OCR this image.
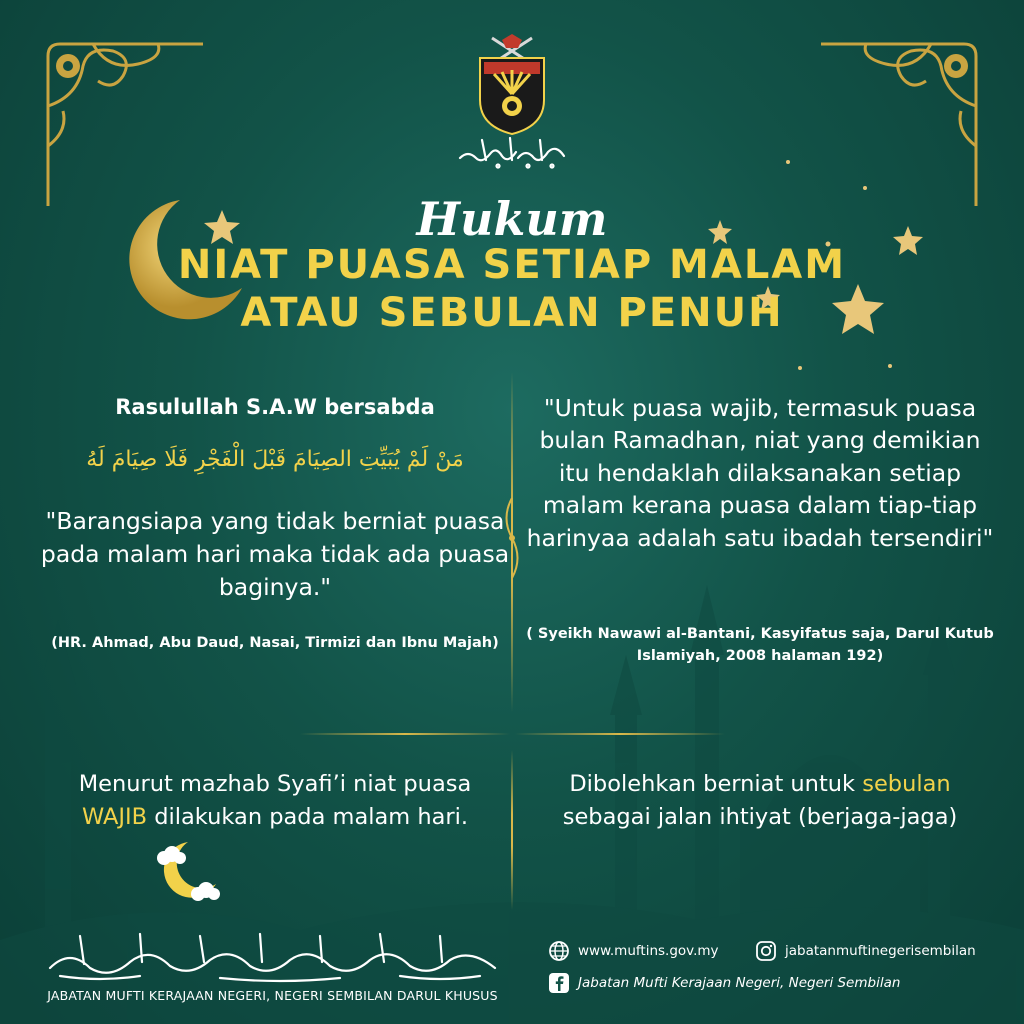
Hukum
NIAT PUASA SETIAP MALAM
ATAU SEBULAN PENUH
Rasulullah S.A.W bersabda
مَنْ لَمْ يُبَيِّتِ الصِيَامَ قَبْلَ الْفَجْرِ فَلَا صِيَامَ لَهُ
"Barangsiapa yang tidak berniat puasa pada malam hari maka tidak ada puasa baginya."
(HR. Ahmad, Abu Daud, Nasai, Tirmizi dan Ibnu Majah)
"Untuk puasa wajib, termasuk puasa bulan Ramadhan, niat yang demikian itu hendaklah dilaksanakan setiap malam kerana puasa dalam tiap-tiap harinyaa adalah satu ibadah tersendiri"
( Syeikh Nawawi al-Bantani, Kasyifatus saja, Darul Kutub Islamiyah, 2008 halaman 192)
Menurut mazhab Syafi’i niat puasa WAJIB dilakukan pada malam hari.
Dibolehkan berniat untuk sebulan sebagai jalan ihtiyat (berjaga-jaga)
JABATAN MUFTI KERAJAAN NEGERI, NEGERI SEMBILAN DARUL KHUSUS
www.muftins.gov.my	jabatanmuftinegerisembilan
Jabatan Mufti Kerajaan Negeri, Negeri Sembilan
